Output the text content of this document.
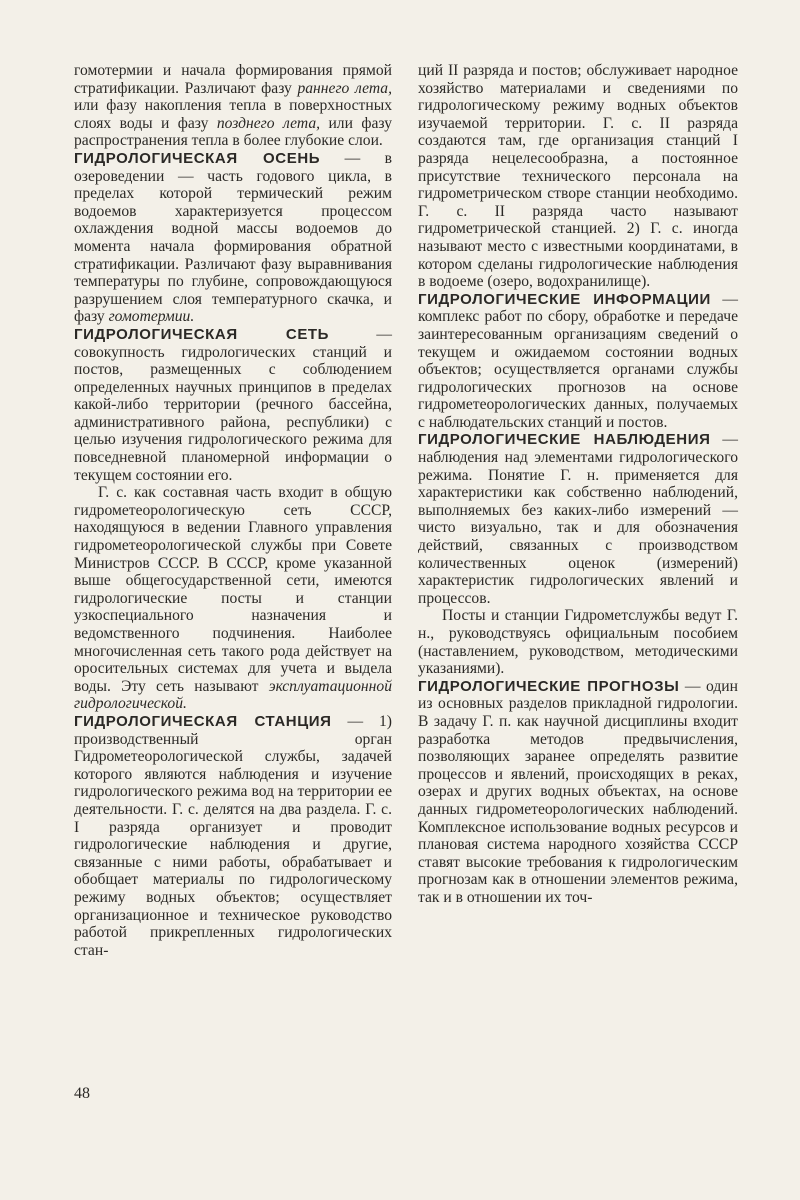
гомотермии и начала формирования прямой стратификации. Различают фазу раннего лета, или фазу накопления тепла в поверхностных слоях воды и фазу позднего лета, или фазу распространения тепла в более глубокие слои.

ГИДРОЛОГИЧЕСКАЯ ОСЕНЬ — в озероведении — часть годового цикла, в пределах которой термический режим водоемов характеризуется процессом охлаждения водной массы водоемов до момента начала формирования обратной стратификации. Различают фазу выравнивания температуры по глубине, сопровождающуюся разрушением слоя температурного скачка, и фазу гомотермии.

ГИДРОЛОГИЧЕСКАЯ СЕТЬ — совокупность гидрологических станций и постов, размещенных с соблюдением определенных научных принципов в пределах какой-либо территории (речного бассейна, административного района, республики) с целью изучения гидрологического режима для повседневной планомерной информации о текущем состоянии его.

Г. с. как составная часть входит в общую гидрометеорологическую сеть СССР, находящуюся в ведении Главного управления гидрометеорологической службы при Совете Министров СССР. В СССР, кроме указанной выше общегосударственной сети, имеются гидрологические посты и станции узкоспециального назначения и ведомственного подчинения. Наиболее многочисленная сеть такого рода действует на оросительных системах для учета и выдела воды. Эту сеть называют эксплуатационной гидрологической.

ГИДРОЛОГИЧЕСКАЯ СТАНЦИЯ — 1) производственный орган Гидрометеорологической службы, задачей которого являются наблюдения и изучение гидрологического режима вод на территории ее деятельности. Г. с. делятся на два раздела. Г. с. I разряда организует и проводит гидрологические наблюдения и другие, связанные с ними работы, обрабатывает и обобщает материалы по гидрологическому режиму водных объектов; осуществляет организационное и техническое руководство работой прикрепленных гидрологических стан-

ций II разряда и постов; обслуживает народное хозяйство материалами и сведениями по гидрологическому режиму водных объектов изучаемой территории. Г. с. II разряда создаются там, где организация станций I разряда нецелесообразна, а постоянное присутствие технического персонала на гидрометрическом створе станции необходимо. Г. с. II разряда часто называют гидрометрической станцией. 2) Г. с. иногда называют место с известными координатами, в котором сделаны гидрологические наблюдения в водоеме (озеро, водохранилище).

ГИДРОЛОГИЧЕСКИЕ ИНФОРМАЦИИ — комплекс работ по сбору, обработке и передаче заинтересованным организациям сведений о текущем и ожидаемом состоянии водных объектов; осуществляется органами службы гидрологических прогнозов на основе гидрометеорологических данных, получаемых с наблюдательских станций и постов.

ГИДРОЛОГИЧЕСКИЕ НАБЛЮДЕНИЯ — наблюдения над элементами гидрологического режима. Понятие Г. н. применяется для характеристики как собственно наблюдений, выполняемых без каких-либо измерений — чисто визуально, так и для обозначения действий, связанных с производством количественных оценок (измерений) характеристик гидрологических явлений и процессов.

Посты и станции Гидрометслужбы ведут Г. н., руководствуясь официальным пособием (наставлением, руководством, методическими указаниями).

ГИДРОЛОГИЧЕСКИЕ ПРОГНОЗЫ — один из основных разделов прикладной гидрологии. В задачу Г. п. как научной дисциплины входит разработка методов предвычисления, позволяющих заранее определять развитие процессов и явлений, происходящих в реках, озерах и других водных объектах, на основе данных гидрометеорологических наблюдений. Комплексное использование водных ресурсов и плановая система народного хозяйства СССР ставят высокие требования к гидрологическим прогнозам как в отношении элементов режима, так и в отношении их точ-

48
